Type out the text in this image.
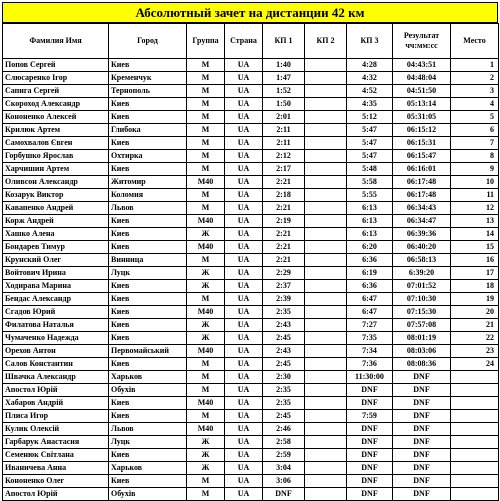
Абсолютный зачет на дистанции 42 км
Фамилия Имя	Город	Группа	Страна	КП 1	КП 2	КП 3	Результат чч:мм:сс	Место
Попов Сергей	Киев	M	UA	1:40		4:28	04:43:51	1
Слюсаренко Ігор	Кременчук	M	UA	1:47		4:32	04:48:04	2
Сапига Сергей	Тернополь	M	UA	1:52		4:52	04:51:50	3
Скороход Александр	Киев	M	UA	1:50		4:35	05:13:14	4
Кононенко Алексей	Киев	M	UA	2:01		5:12	05:31:05	5
Крилюк Артем	Глибока	M	UA	2:11		5:47	06:15:12	6
Самохвалов Євген	Киев	M	UA	2:11		5:47	06:15:31	7
Горбушко Ярослав	Охтирка	M	UA	2:12		5:47	06:15:47	8
Харчишин Артем	Киев	M	UA	2:17		5:48	06:16:01	9
Оливсон Александр	Житомир	M40	UA	2:21		5:58	06:17:48	10
Козарук Виктор	Коломия	M	UA	2:18		5:55	06:17:48	11
Кавапенко Андрей	Львов	M	UA	2:21		6:13	06:34:43	12
Корж Андрей	Киев	M40	UA	2:19		6:13	06:34:47	13
Хашко Алена	Киев	Ж	UA	2:21		6:13	06:39:36	14
Бондарев Тимур	Киев	M40	UA	2:21		6:20	06:40:20	15
Крунский Олег	Винница	M	UA	2:21		6:36	06:58:13	16
Войтович Ирина	Луцк	Ж	UA	2:29		6:19	6:39:20	17
Ходирава Марина	Киев	Ж	UA	2:37		6:36	07:01:52	18
Бендас Александр	Киев	M	UA	2:39		6:47	07:10:30	19
Сгадов Юрий	Киев	M40	UA	2:35		6:47	07:15:30	20
Филатова Наталья	Киев	Ж	UA	2:43		7:27	07:57:08	21
Чумаченко Надежда	Киев	Ж	UA	2:45		7:35	08:01:19	22
Орехов Антон	Первомайський	M40	UA	2:43		7:34	08:03:06	23
Салов Константин	Киев	M	UA	2:45		7:36	08:08:36	24
Швачка Александр	Харьков	M	UA	2:30		11:30:00	DNF	
Апостол Юрій	Обухів	M	UA	2:35		DNF	DNF	
Хабаров Андрій	Киев	M40	UA	2:35		DNF	DNF	
Плиса Игор	Киев	M	UA	2:45		7:59	DNF	
Кулик Олексій	Львов	M40	UA	2:46		DNF	DNF	
Гарбарук Анастасия	Луцк	Ж	UA	2:58		DNF	DNF	
Семенюк Світлана	Киев	Ж	UA	2:59		DNF	DNF	
Иваничева Анна	Харьков	Ж	UA	3:04		DNF	DNF	
Кононенко Олег	Киев	M	UA	3:06		DNF	DNF	
Апостол Юрій	Обухів	M	UA	DNF		DNF	DNF	
